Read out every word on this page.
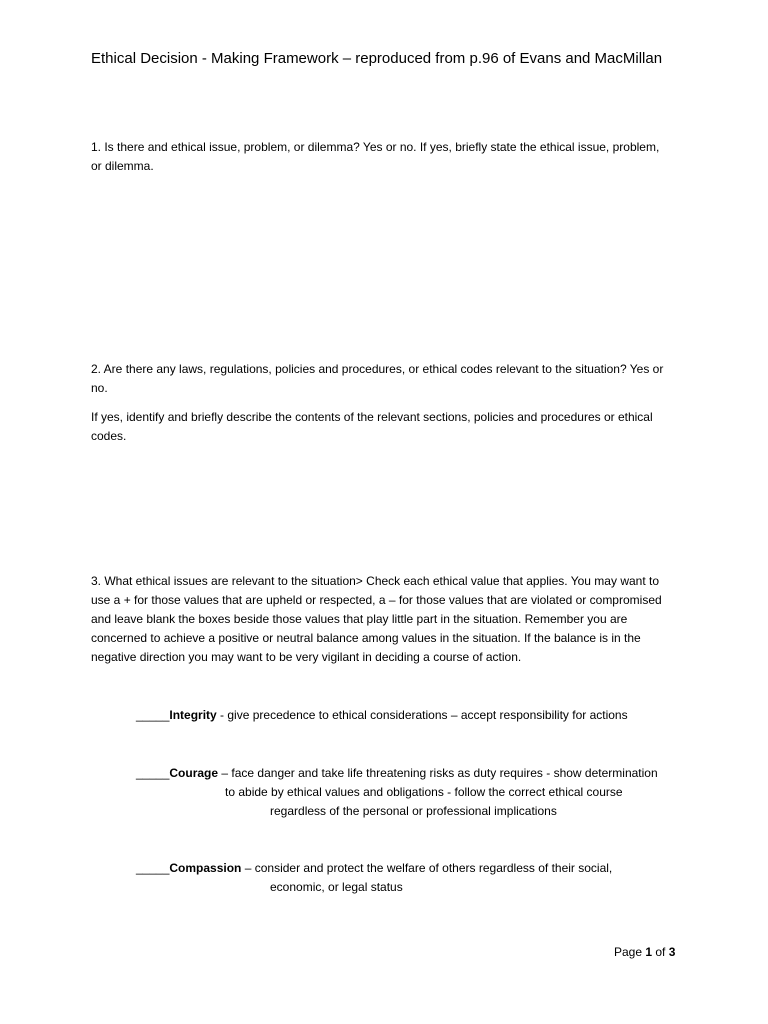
Ethical Decision - Making Framework – reproduced from p.96 of Evans and MacMillan
1. Is there and ethical issue, problem, or dilemma? Yes or no. If yes, briefly state the ethical issue, problem, or dilemma.
2. Are there any laws, regulations, policies and procedures, or ethical codes relevant to the situation? Yes or no.
If yes, identify and briefly describe the contents of the relevant sections, policies and procedures or ethical codes.
3. What ethical issues are relevant to the situation> Check each ethical value that applies. You may want to use a + for those values that are upheld or respected, a – for those values that are violated or compromised and leave blank the boxes beside those values that play little part in the situation. Remember you are concerned to achieve a positive or neutral balance among values in the situation. If the balance is in the negative direction you may want to be very vigilant in deciding a course of action.
_____Integrity - give precedence to ethical considerations – accept responsibility for actions
_____Courage – face danger and take life threatening risks as duty requires - show determination
to abide by ethical values and obligations - follow the correct ethical course
regardless of the personal or professional implications
_____Compassion – consider and protect the welfare of others regardless of their social,
economic, or legal status
Page 1 of 3
